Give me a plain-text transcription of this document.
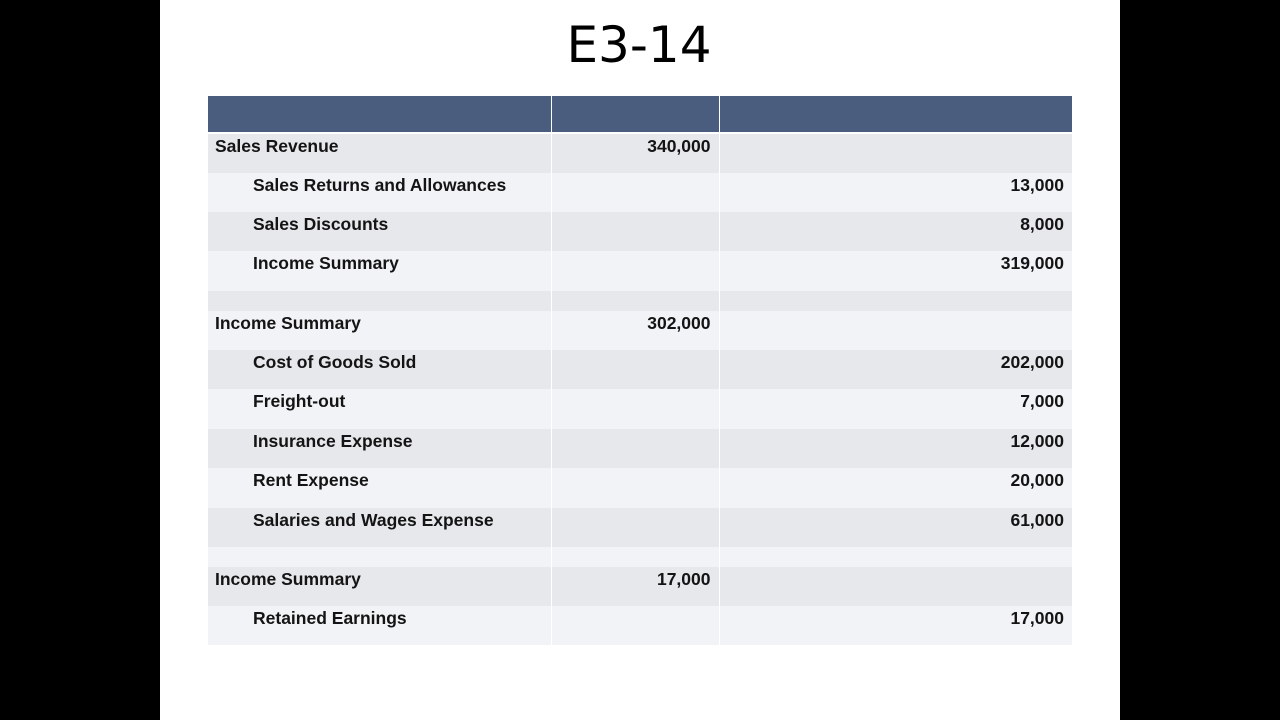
E3-14

Sales Revenue	340,000	
Sales Returns and Allowances		13,000
Sales Discounts		8,000
Income Summary		319,000

Income Summary	302,000	
Cost of Goods Sold		202,000
Freight-out		7,000
Insurance Expense		12,000
Rent Expense		20,000
Salaries and Wages Expense		61,000

Income Summary	17,000	
Retained Earnings		17,000
